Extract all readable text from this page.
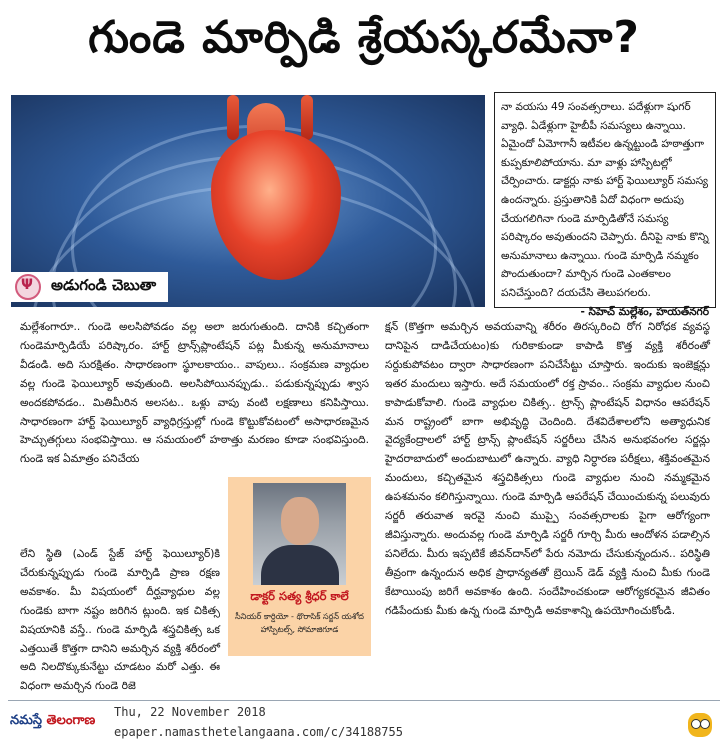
గుండె మార్పిడి శ్రేయస్కరమేనా?
Ψ
అడుగండి చెబుతా
నా వయసు 49 సంవత్సరాలు. పదేళ్లుగా షుగర్ వ్యాధి. ఏడేళ్లుగా హైబీపీ సమస్యలు ఉన్నాయి. ఏమైందో ఏమోగానీ ఇటీవల ఉన్నట్టుండి హఠాత్తుగా కుప్పకూలిపోయాను. మా వాళ్లు హాస్పిటల్లో చేర్పించారు. డాక్టర్లు నాకు హార్ట్ ఫెయిల్యూర్ సమస్య ఉందన్నారు. ప్రస్తుతానికి ఏదో విధంగా అదుపు చేయగలిగినా గుండె మార్పిడితోనే సమస్య పరిష్కారం అవుతుందని చెప్పారు. దీనిపై నాకు కొన్ని అనుమానాలు ఉన్నాయి. గుండె మార్పిడి నమ్మకం పొందుతుందా? మార్చిన గుండె ఎంతకాలం పనిచేస్తుంది? దయచేసి తెలుపగలరు.
- సిహెచ్ మల్లేశం, హయత్‌నగర్

మల్లేశంగారూ.. గుండె అలసిపోవడం వల్ల అలా జరుగుతుంది. దానికి కచ్చితంగా గుండెమార్పిడియే పరిష్కారం. హార్ట్ ట్రాన్స్‌ప్లాంటేషన్ పట్ల మీకున్న అనుమానాలు వీడండి. అది సురక్షితం. సాధారణంగా స్థూలకాయం.. వాపులు.. సంక్రమణ వ్యాధుల వల్ల గుండె ఫెయిల్యూర్ అవుతుంది. అలసిపోయినప్పుడు.. పడుకున్నప్పుడు శ్వాస అందకపోవడం.. మితిమీరిన అలసట.. ఒళ్లు వాపు వంటి లక్షణాలు కనిపిస్తాయి. సాధారణంగా హార్ట్ ఫెయిల్యూర్ వ్యాధిగ్రస్తుల్లో గుండె కొట్టుకోవటంలో అసాధారణమైన హెచ్చుతగ్గులు సంభవిస్తాయి. ఆ సమయంలో హఠాత్తు మరణం కూడా సంభవిస్తుంది. గుండె ఇక ఏమాత్రం పనిచేయ

లేని స్థితి (ఎండ్ స్టేజ్ హార్ట్ ఫెయిల్యూర్)కి చేరుకున్నప్పుడు గుండె మార్పిడి ప్రాణ రక్షణ అవకాశం. మీ విషయంలో దీర్ఘవ్యాధుల వల్ల గుండెకు బాగా నష్టం జరిగిన ట్లుంది. ఇక చికిత్స విషయానికి వస్తే.. గుండె మార్పిడి శస్త్రచికిత్స ఒక ఎత్తయితే కొత్తగా దానిని అమర్చిన వ్యక్తి శరీరంలో అది నిలదొక్కుకునేట్టు చూడటం మరో ఎత్తు. ఈ విధంగా అమర్చిన గుండె రిజె

క్షన్ (కొత్తగా అమర్చిన అవయవాన్ని శరీరం తిరస్కరించి రోగ నిరోధక వ్యవస్థ దానిపైన దాడిచేయటం)కు గురికాకుండా కాపాడి కొత్త వ్యక్తి శరీరంతో సర్దుకుపోవటం ద్వారా సాధారణంగా పనిచేసేట్టు చూస్తారు. ఇందుకు ఇంజెక్షన్లు ఇతర మందులు ఇస్తారు. అదే సమయంలో రక్త స్రావం.. సంక్రమ వ్యాధుల నుంచి కాపాడుకోవాలి. గుండె వ్యాధుల చికిత్స.. ట్రాన్స్ ప్లాంటేషన్ విధానం ఆపరేషన్ మన రాష్ట్రంలో బాగా అభివృద్ధి చెందింది. దేశవిదేశాలలోని అత్యాధునిక వైద్యకేంద్రాలలో హార్ట్ ట్రాన్స్ ప్లాంటేషన్ సర్జరీలు చేసిన అనుభవంగల సర్జన్లు హైదరాబాదులో అందుబాటులో ఉన్నారు. వ్యాధి నిర్ధారణ పరీక్షలు, శక్తివంతమైన మందులు, కచ్చితమైన శస్త్రచికిత్సలు గుండె వ్యాధుల నుంచి నమ్మకమైన ఉపశమనం కలిగిస్తున్నాయి. గుండె మార్పిడి ఆపరేషన్ చేయించుకున్న పలువురు సర్జరీ తరువాత ఇరవై నుంచి ముప్పై సంవత్సరాలకు పైగా ఆరోగ్యంగా జీవిస్తున్నారు. అందువల్ల గుండె మార్పిడి సర్జరీ గూర్చి మీరు ఆందోళన పడాల్సిన పనిలేదు. మీరు ఇప్పటికే జీవన్‌దాన్‌లో పేరు నమోదు చేసుకున్నందున.. పరిస్థితి తీవ్రంగా ఉన్నందున అధిక ప్రాధాన్యతతో బ్రెయిన్ డెడ్ వ్యక్తి నుంచి మీకు గుండె కేటాయింపు జరిగే అవకాశం ఉంది. సందేహించకుండా ఆరోగ్యకరమైన జీవితం గడిపేందుకు మీకు ఉన్న గుండె మార్పిడి అవకాశాన్ని ఉపయోగించుకోండి.

డాక్టర్ సత్య శ్రీధర్ కాలే
సీనియర్ కార్డియో - థొరాసిక్ సర్జన్ యశోద హాస్పిటల్స్, సోమాజిగూడ
నమస్తే తెలంగాణ
Thu, 22 November 2018
epaper.namasthetelangaana.com/c/34188755
